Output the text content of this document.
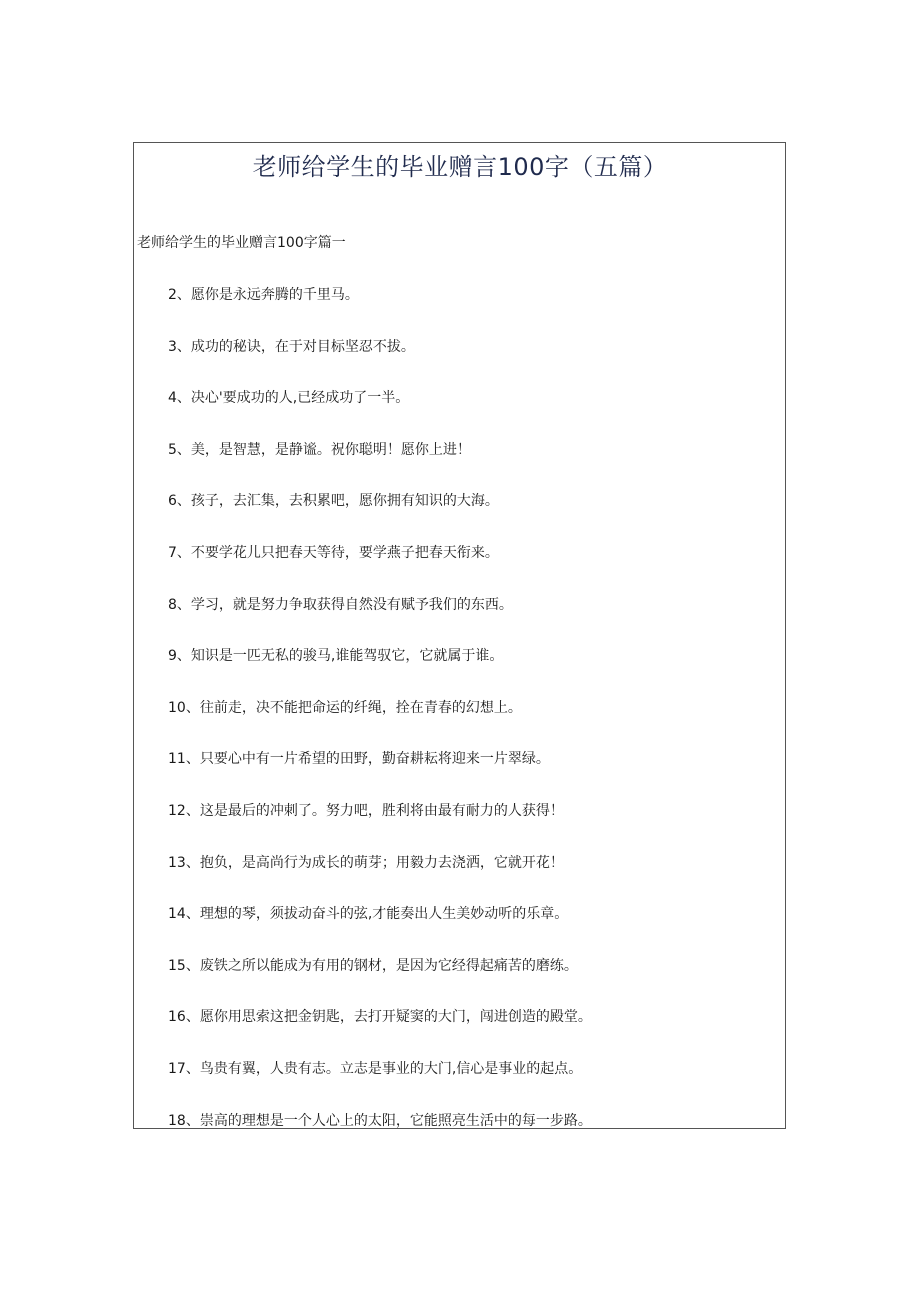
老师给学生的毕业赠言100字（五篇）
老师给学生的毕业赠言100字篇一
2、愿你是永远奔腾的千里马。
3、成功的秘诀，在于对目标坚忍不拔。
4、决心'要成功的人,已经成功了一半。
5、美，是智慧，是静谧。祝你聪明！愿你上进！
6、孩子，去汇集，去积累吧，愿你拥有知识的大海。
7、不要学花儿只把春天等待，要学燕子把春天衔来。
8、学习，就是努力争取获得自然没有赋予我们的东西。
9、知识是一匹无私的骏马,谁能驾驭它，它就属于谁。
10、往前走，决不能把命运的纤绳，拴在青春的幻想上。
11、只要心中有一片希望的田野，勤奋耕耘将迎来一片翠绿。
12、这是最后的冲刺了。努力吧，胜利将由最有耐力的人获得！
13、抱负，是高尚行为成长的萌芽；用毅力去浇洒，它就开花！
14、理想的琴，须拔动奋斗的弦,才能奏出人生美妙动听的乐章。
15、废铁之所以能成为有用的钢材，是因为它经得起痛苦的磨练。
16、愿你用思索这把金钥匙，去打开疑窦的大门，闯进创造的殿堂。
17、鸟贵有翼，人贵有志。立志是事业的大门,信心是事业的起点。
18、崇高的理想是一个人心上的太阳，它能照亮生活中的每一步路。
